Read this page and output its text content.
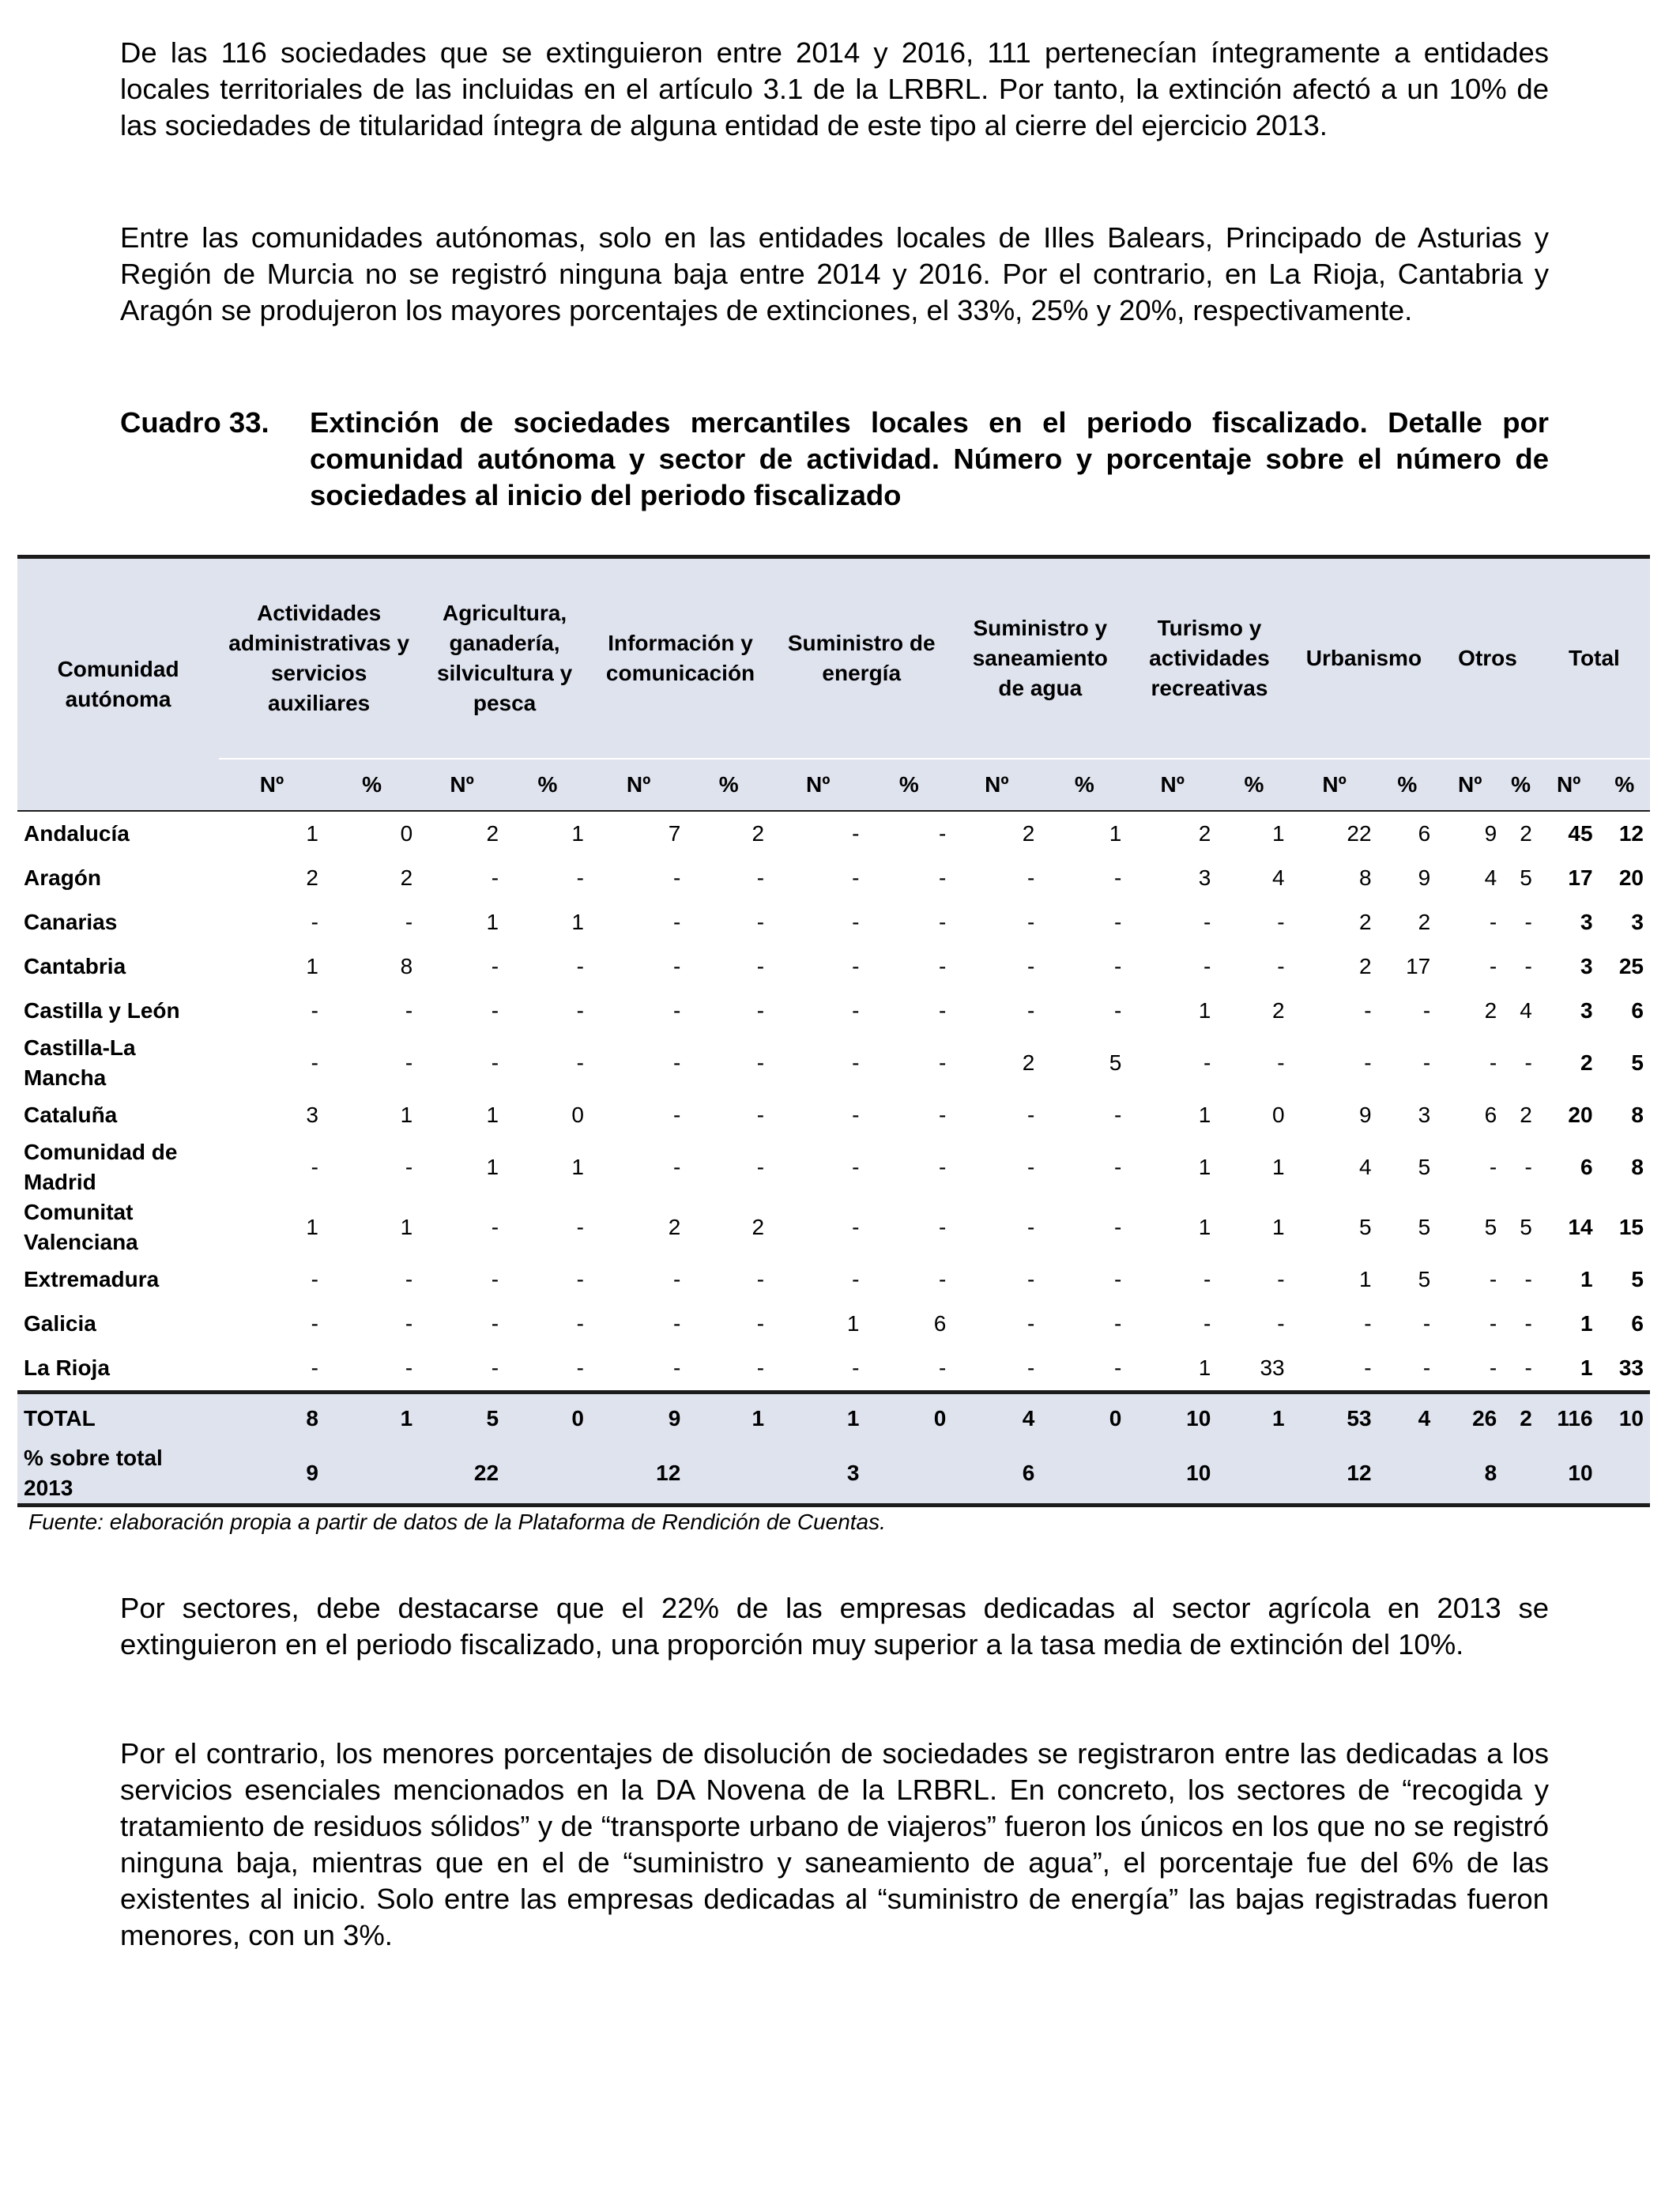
De las 116 sociedades que se extinguieron entre 2014 y 2016, 111 pertenecían íntegramente a entidades locales territoriales de las incluidas en el artículo 3.1 de la LRBRL. Por tanto, la extinción afectó a un 10% de las sociedades de titularidad íntegra de alguna entidad de este tipo al cierre del ejercicio 2013.

Entre las comunidades autónomas, solo en las entidades locales de Illes Balears, Principado de Asturias y Región de Murcia no se registró ninguna baja entre 2014 y 2016. Por el contrario, en La Rioja, Cantabria y Aragón se produjeron los mayores porcentajes de extinciones, el 33%, 25% y 20%, respectivamente.

Cuadro 33. Extinción de sociedades mercantiles locales en el periodo fiscalizado. Detalle por comunidad autónoma y sector de actividad. Número y porcentaje sobre el número de sociedades al inicio del periodo fiscalizado
Comunidad autónoma	Actividades administrativas y servicios auxiliares		Agricultura, ganadería, silvicultura y pesca		Información y comunicación		Suministro de energía		Suministro y saneamiento de agua		Turismo y actividades recreativas		Urbanismo		Otros		Total	
	Nº	%	Nº	%	Nº	%	Nº	%	Nº	%	Nº	%	Nº	%	Nº	%	Nº	%
Andalucía	1	0	2	1	7	2	-	-	2	1	2	1	22	6	9	2	45	12
Aragón	2	2	-	-	-	-	-	-	-	-	3	4	8	9	4	5	17	20
Canarias	-	-	1	1	-	-	-	-	-	-	-	-	2	2	-	-	3	3
Cantabria	1	8	-	-	-	-	-	-	-	-	-	-	2	17	-	-	3	25
Castilla y León	-	-	-	-	-	-	-	-	-	-	1	2	-	-	2	4	3	6
Castilla-La Mancha	-	-	-	-	-	-	-	-	2	5	-	-	-	-	-	-	2	5
Cataluña	3	1	1	0	-	-	-	-	-	-	1	0	9	3	6	2	20	8
Comunidad de Madrid	-	-	1	1	-	-	-	-	-	-	1	1	4	5	-	-	6	8
Comunitat Valenciana	1	1	-	-	2	2	-	-	-	-	1	1	5	5	5	5	14	15
Extremadura	-	-	-	-	-	-	-	-	-	-	-	-	1	5	-	-	1	5
Galicia	-	-	-	-	-	-	1	6	-	-	-	-	-	-	-	-	1	6
La Rioja	-	-	-	-	-	-	-	-	-	-	1	33	-	-	-	-	1	33
TOTAL	8	1	5	0	9	1	1	0	4	0	10	1	53	4	26	2	116	10
% sobre total 2013	9		22		12		3		6		10		12		8		10	
Fuente: elaboración propia a partir de datos de la Plataforma de Rendición de Cuentas.

Por sectores, debe destacarse que el 22% de las empresas dedicadas al sector agrícola en 2013 se extinguieron en el periodo fiscalizado, una proporción muy superior a la tasa media de extinción del 10%.

Por el contrario, los menores porcentajes de disolución de sociedades se registraron entre las dedicadas a los servicios esenciales mencionados en la DA Novena de la LRBRL. En concreto, los sectores de “recogida y tratamiento de residuos sólidos” y de “transporte urbano de viajeros” fueron los únicos en los que no se registró ninguna baja, mientras que en el de “suministro y saneamiento de agua”, el porcentaje fue del 6% de las existentes al inicio. Solo entre las empresas dedicadas al “suministro de energía” las bajas registradas fueron menores, con un 3%.
